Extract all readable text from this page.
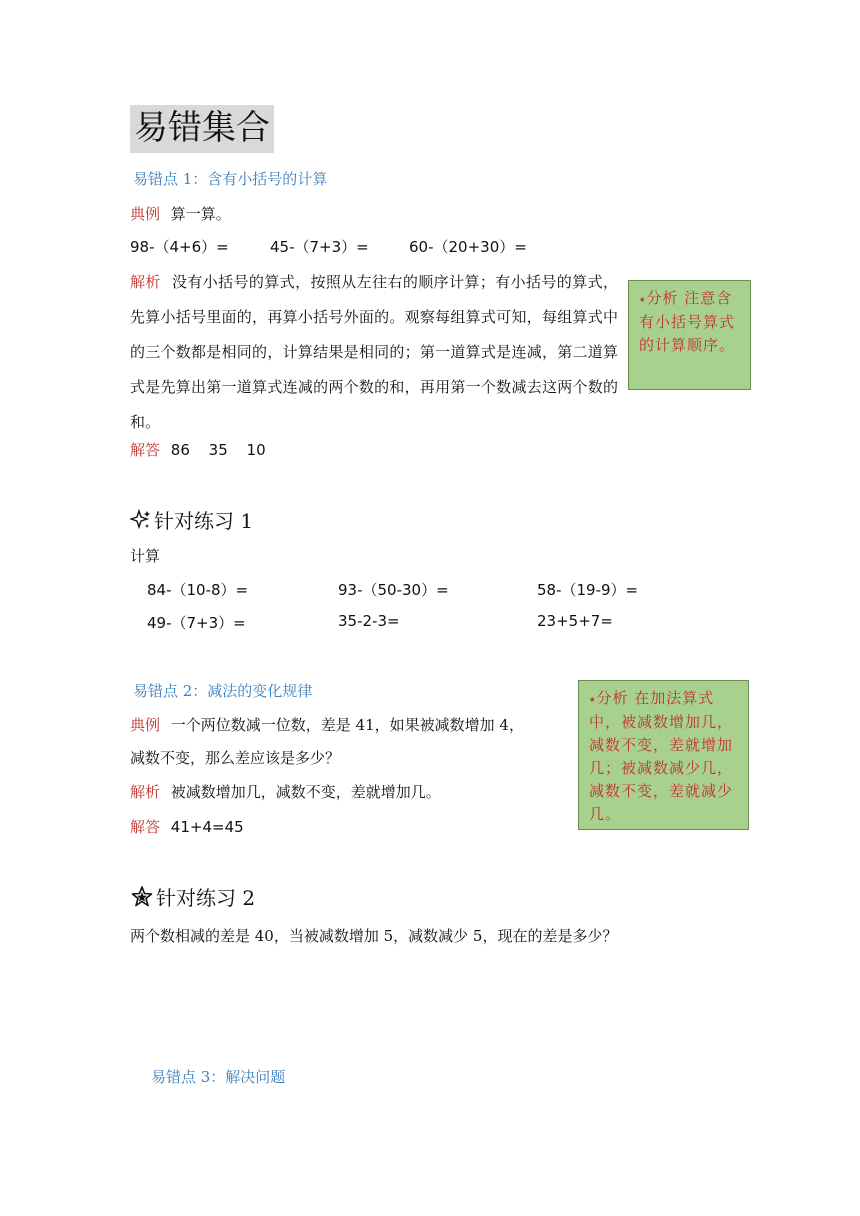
易错集合
易错点 1：含有小括号的计算
典例 算一算。
98-（4+6）=	45-（7+3）=	60-（20+30）=
解析 没有小括号的算式，按照从左往右的顺序计算；有小括号的算式，先算小括号里面的，再算小括号外面的。观察每组算式可知，每组算式中的三个数都是相同的，计算结果是相同的；第一道算式是连减，第二道算式是先算出第一道算式连减的两个数的和，再用第一个数减去这两个数的和。
解答 86 35 10
⭑分析 注意含有小括号算式的计算顺序。
针对练习 1
计算
84-（10-8）=	93-（50-30）=	58-（19-9）=
49-（7+3）=	35-2-3=	23+5+7=
易错点 2：减法的变化规律
典例 一个两位数减一位数，差是 41，如果被减数增加 4，
减数不变，那么差应该是多少？
解析 被减数增加几，减数不变，差就增加几。
解答 41+4=45
⭑分析 在加法算式中，被减数增加几，减数不变，差就增加几；被减数减少几，减数不变，差就减少几。
针对练习 2
两个数相减的差是 40，当被减数增加 5，减数减少 5，现在的差是多少？
易错点 3：解决问题
